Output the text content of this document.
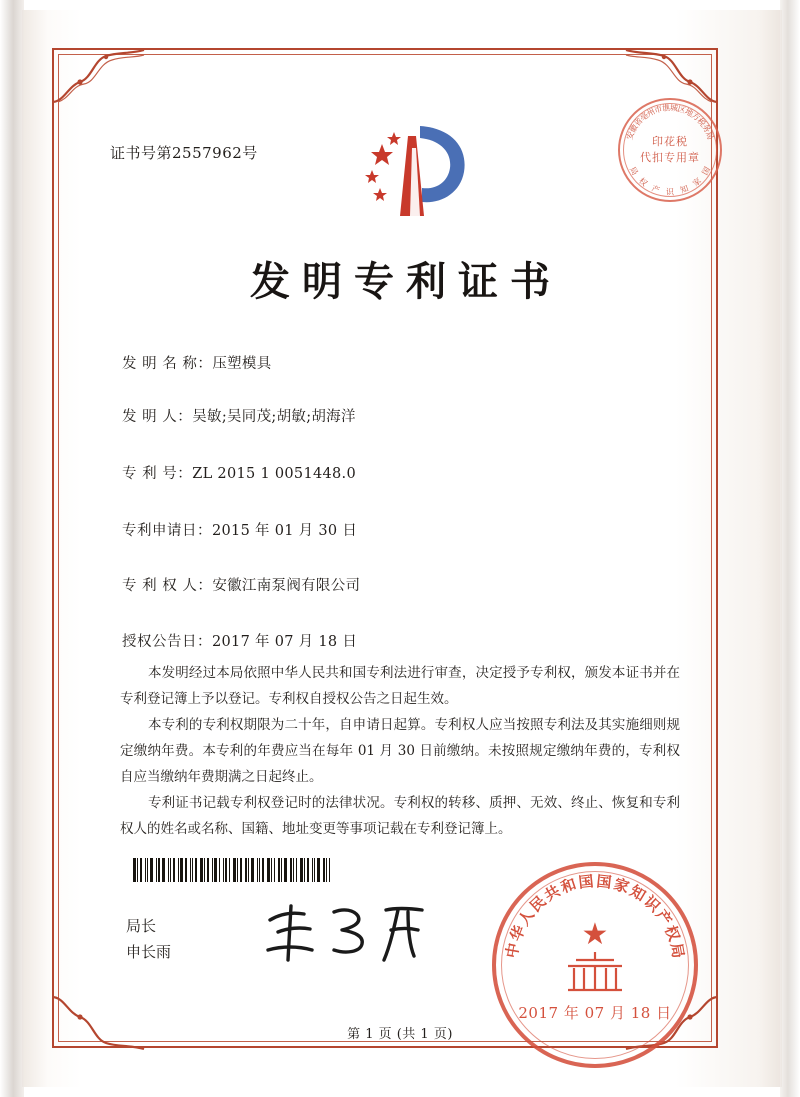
证书号第2557962号
印花税
代扣专用章
安
徽
省
亳
州
市
谯 城
区
地
方
税
务
局
国
家
知
识
产
权
局
发明专利证书
发 明 名 称：压塑模具
发 明 人：吴敏;吴同茂;胡敏;胡海洋
专 利 号：ZL 2015 1 0051448.0
专利申请日：2015 年 01 月 30 日
专 利 权 人：安徽江南泵阀有限公司
授权公告日：2017 年 07 月 18 日

本发明经过本局依照中华人民共和国专利法进行审查，决定授予专利权，颁发本证书并在专利登记簿上予以登记。专利权自授权公告之日起生效。

本专利的专利权期限为二十年，自申请日起算。专利权人应当按照专利法及其实施细则规定缴纳年费。本专利的年费应当在每年 01 月 30 日前缴纳。未按照规定缴纳年费的，专利权自应当缴纳年费期满之日起终止。

专利证书记载专利权登记时的法律状况。专利权的转移、质押、无效、终止、恢复和专利权人的姓名或名称、国籍、地址变更等事项记载在专利登记簿上。

局长
申长雨
★
2017 年 07 月 18 日
中
华
人
民
共
和 国 国 家
知
识
产
权
局
第 1 页 (共 1 页)
